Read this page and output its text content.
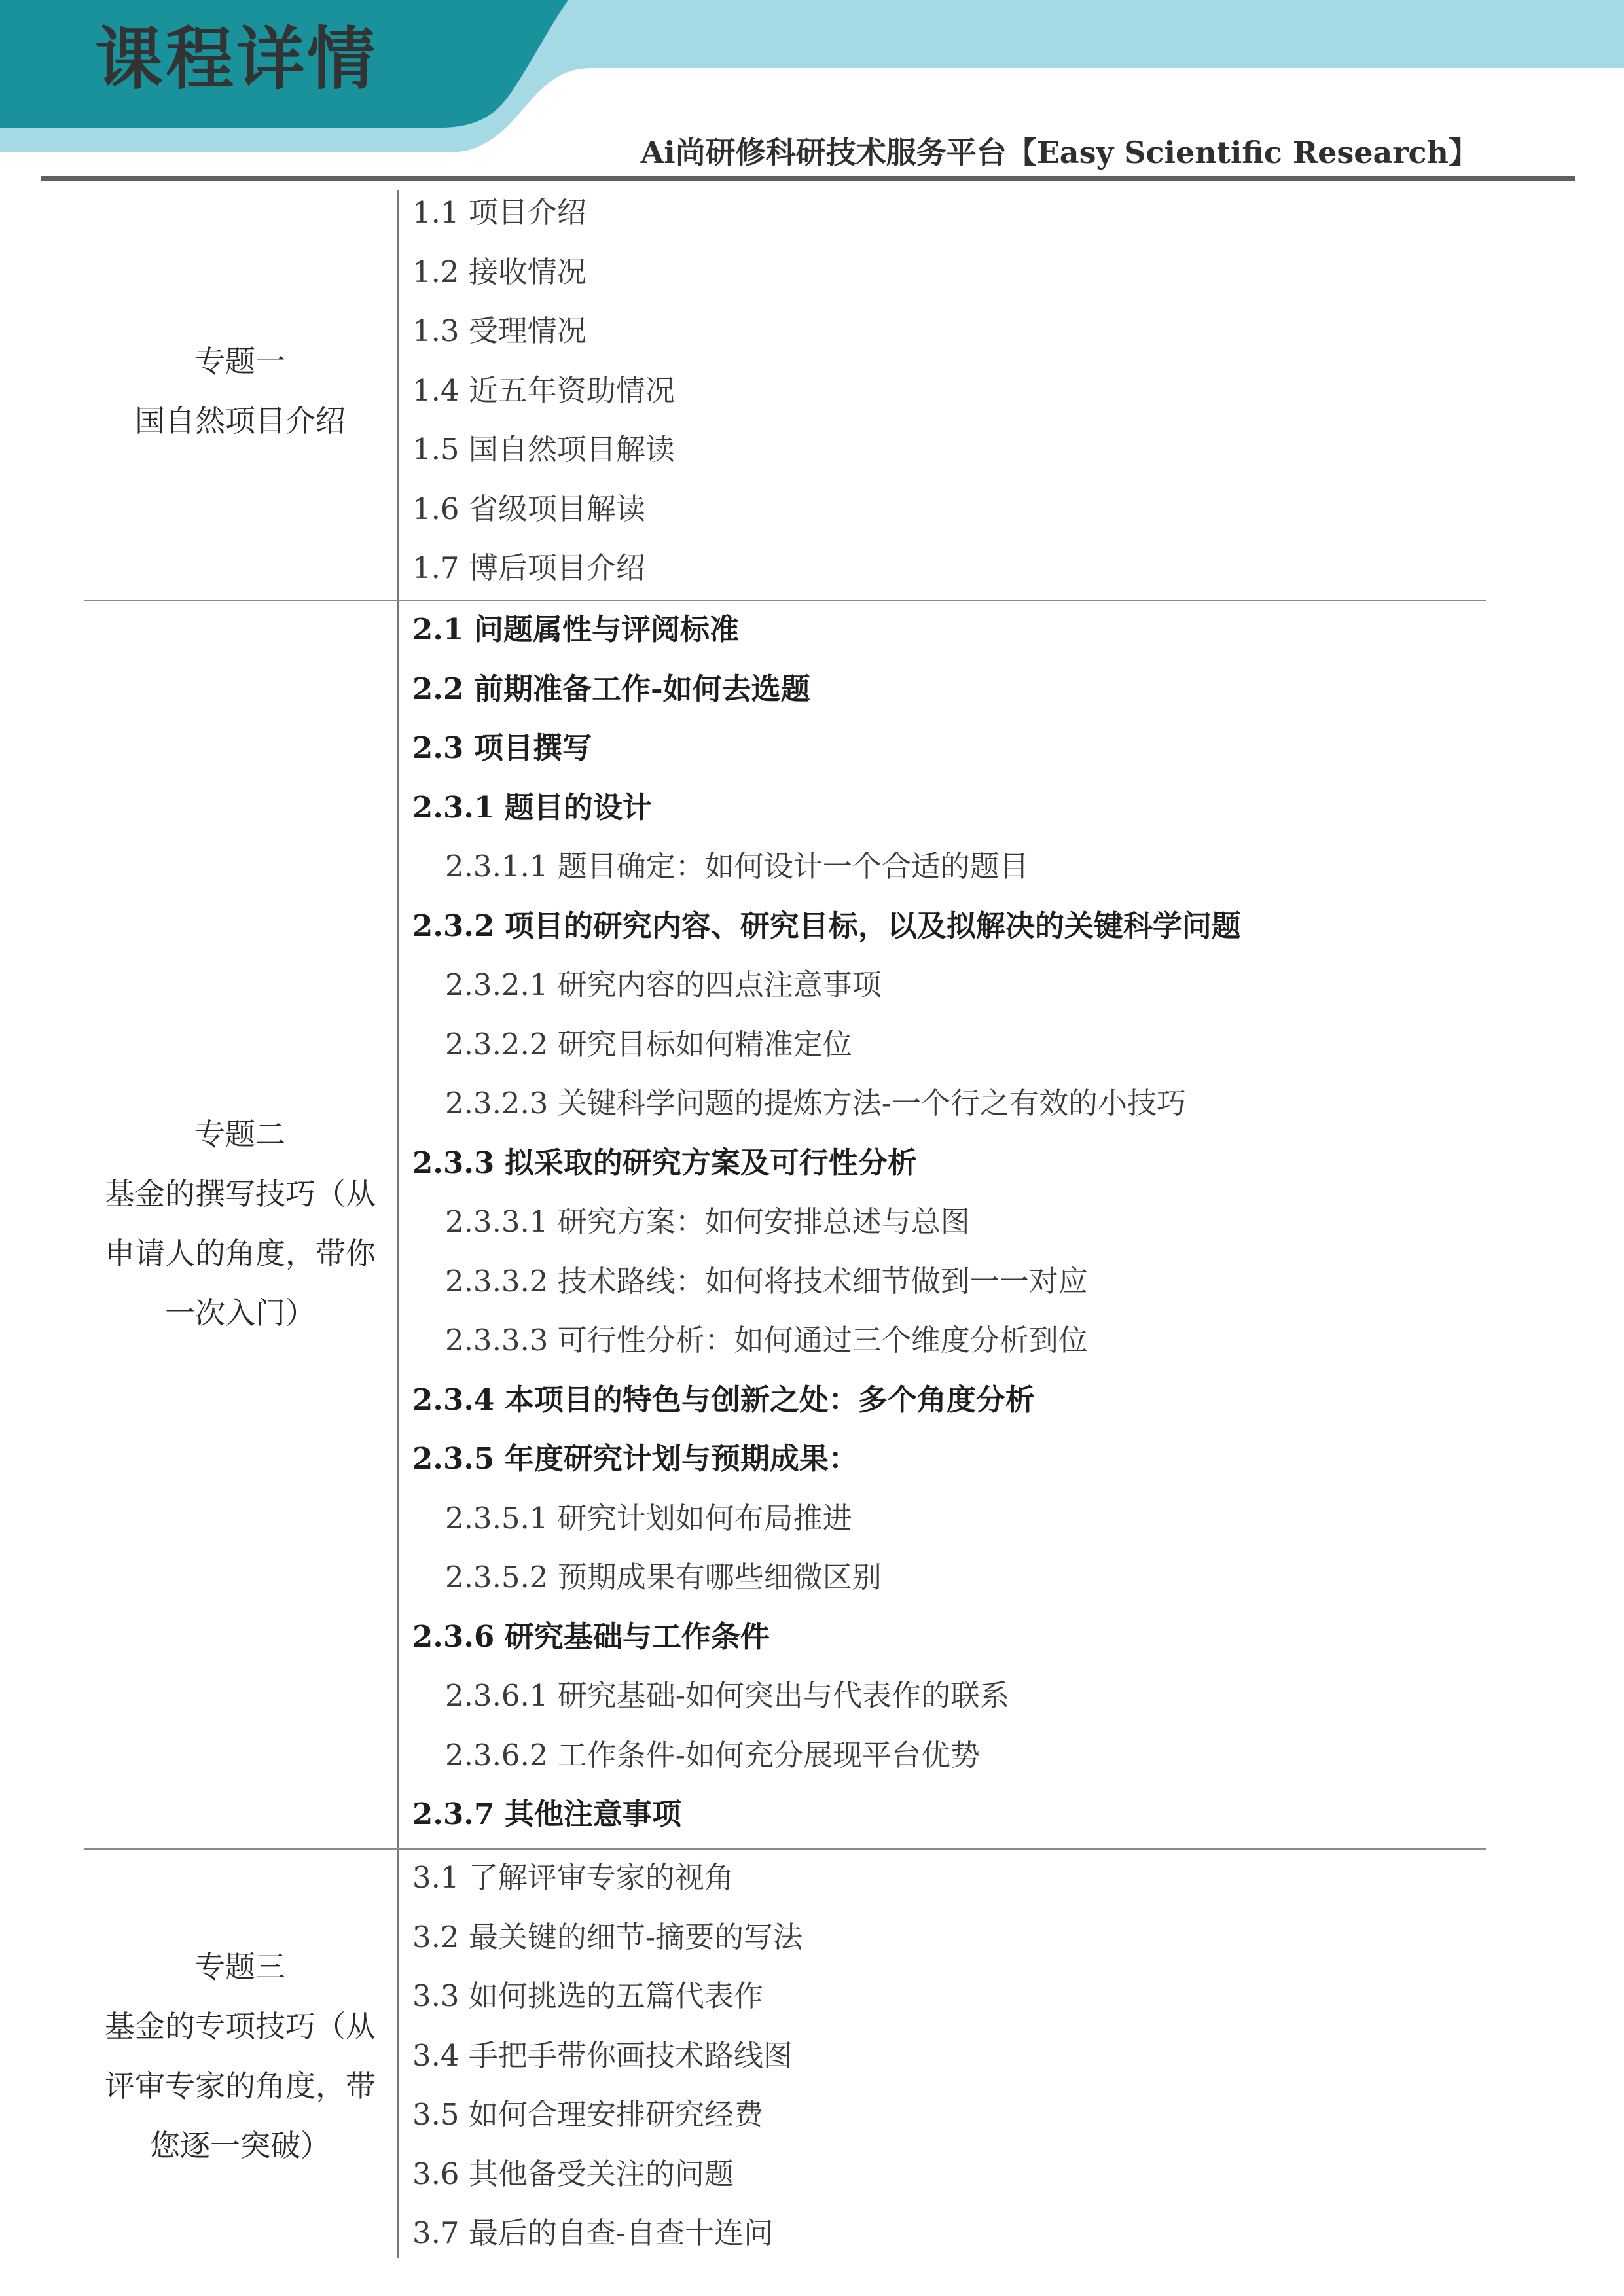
课程详情
Ai尚研修科研技术服务平台【Easy Scientific Research】
专题一
国自然项目介绍
1.1 项目介绍
1.2 接收情况
1.3 受理情况
1.4 近五年资助情况
1.5 国自然项目解读
1.6 省级项目解读
1.7 博后项目介绍
专题二
基金的撰写技巧（从申请人的角度，带你一次入门）
2.1 问题属性与评阅标准
2.2 前期准备工作-如何去选题
2.3 项目撰写
2.3.1 题目的设计
2.3.1.1 题目确定：如何设计一个合适的题目
2.3.2 项目的研究内容、研究目标，以及拟解决的关键科学问题
2.3.2.1 研究内容的四点注意事项
2.3.2.2 研究目标如何精准定位
2.3.2.3 关键科学问题的提炼方法-一个行之有效的小技巧
2.3.3 拟采取的研究方案及可行性分析
2.3.3.1 研究方案：如何安排总述与总图
2.3.3.2 技术路线：如何将技术细节做到一一对应
2.3.3.3 可行性分析：如何通过三个维度分析到位
2.3.4 本项目的特色与创新之处：多个角度分析
2.3.5 年度研究计划与预期成果：
2.3.5.1 研究计划如何布局推进
2.3.5.2 预期成果有哪些细微区别
2.3.6 研究基础与工作条件
2.3.6.1 研究基础-如何突出与代表作的联系
2.3.6.2 工作条件-如何充分展现平台优势
2.3.7 其他注意事项
专题三
基金的专项技巧（从评审专家的角度，带您逐一突破）
3.1 了解评审专家的视角
3.2 最关键的细节-摘要的写法
3.3 如何挑选的五篇代表作
3.4 手把手带你画技术路线图
3.5 如何合理安排研究经费
3.6 其他备受关注的问题
3.7 最后的自查-自查十连问
